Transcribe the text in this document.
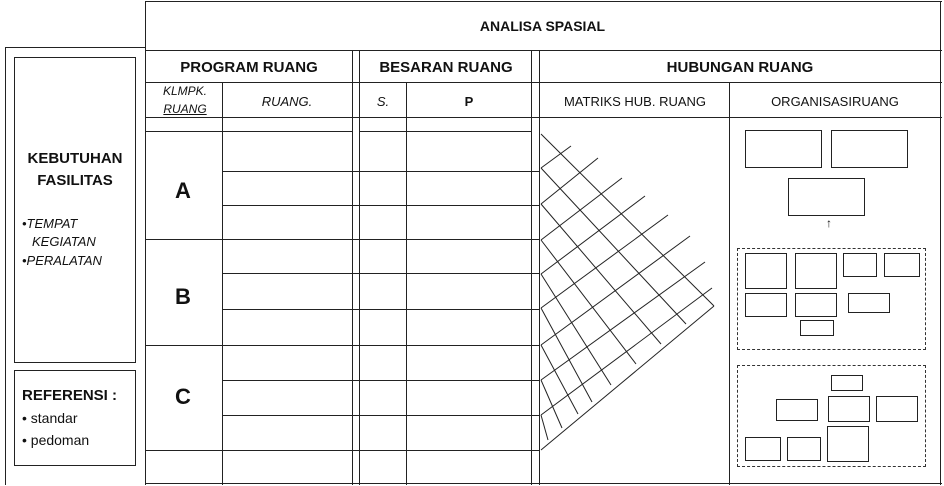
ANALISA SPASIAL
PROGRAM RUANG	BESARAN RUANG	HUBUNGAN RUANG
KLMPK.
RUANG	RUANG.	S.	P	MATRIKS HUB. RUANG	ORGANISASIRUANG
A
B
C
↑
KEBUTUHAN
FASILITAS
•TEMPAT
KEGIATAN
•PERALATAN
REFERENSI :
• standar
• pedoman
